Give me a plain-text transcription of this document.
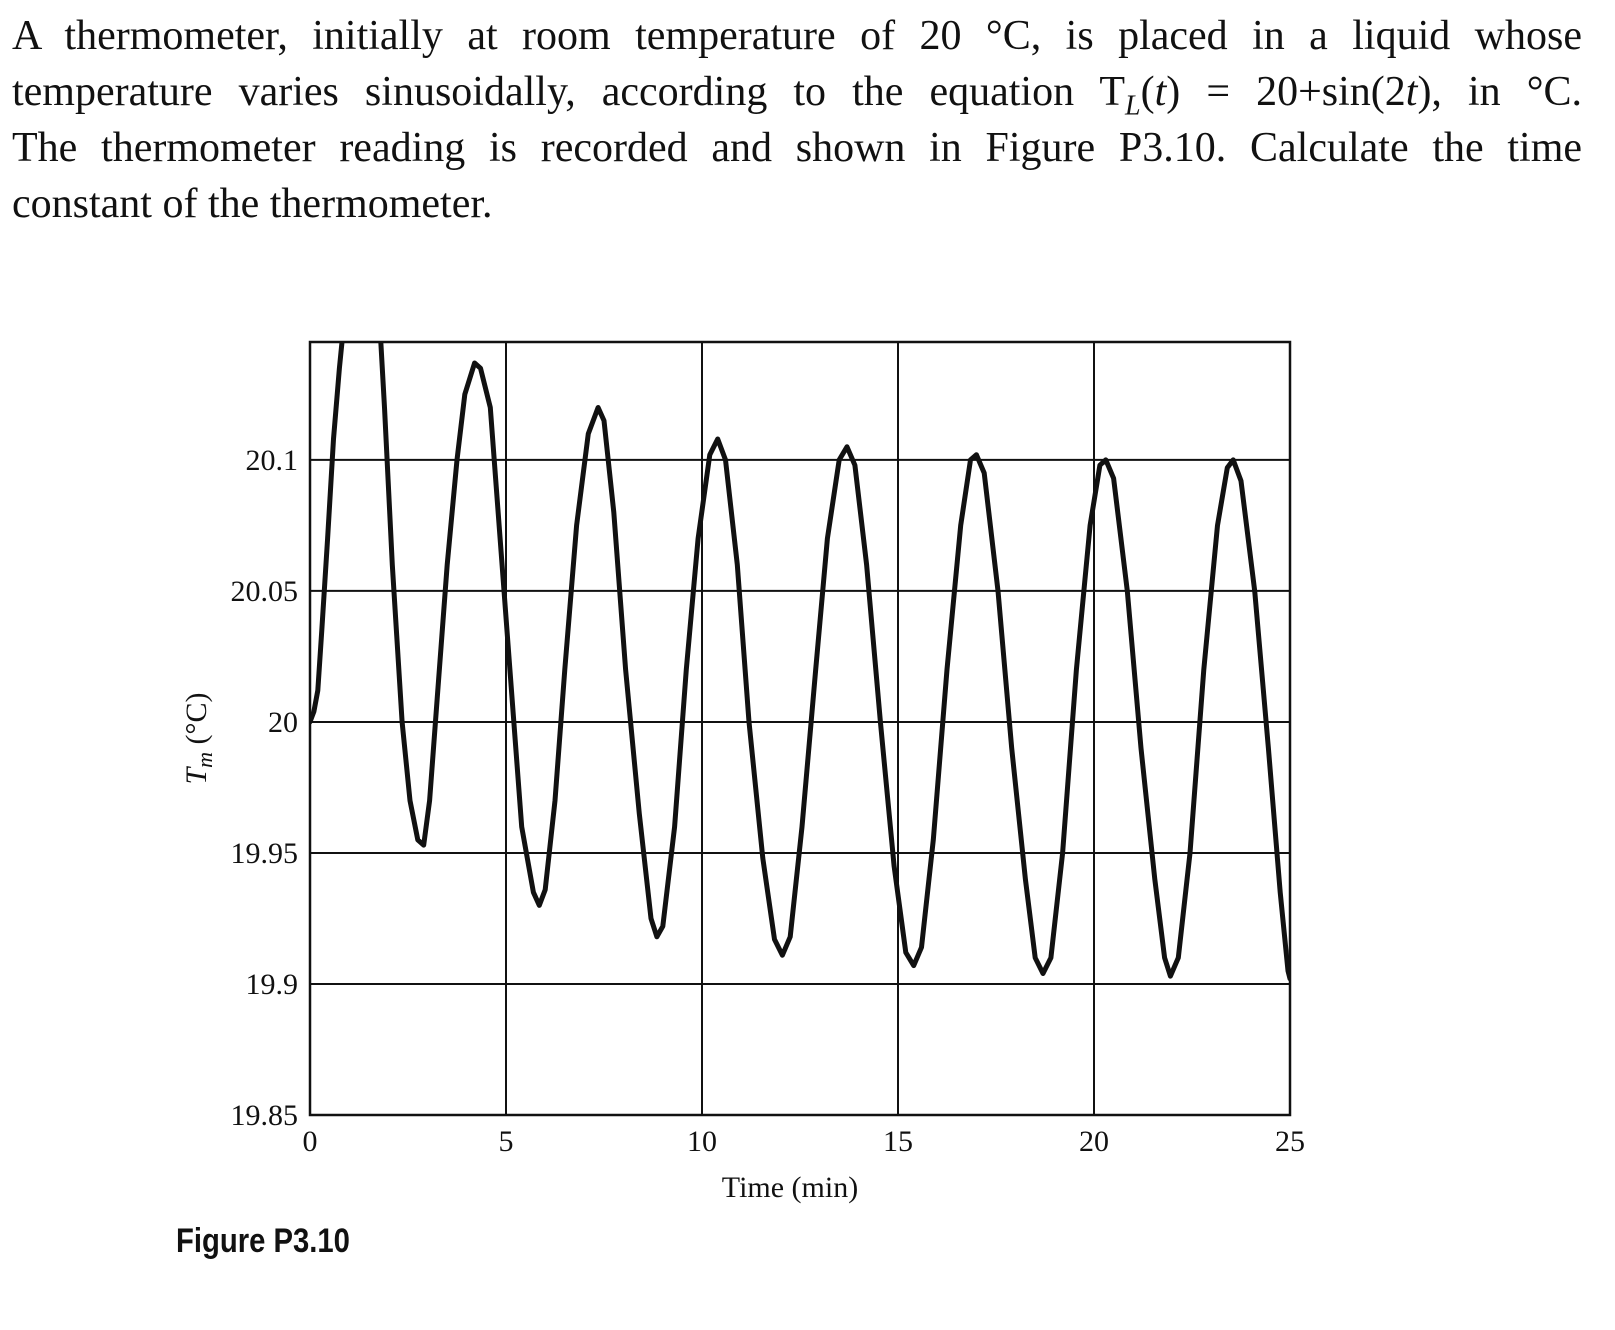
A thermometer, initially at room temperature of 20 °C, is placed in a liquid whose
temperature varies sinusoidally, according to the equation $T_L(t) = 20+\sin(2t)$, in °C.
The thermometer reading is recorded and shown in Figure P3.10. Calculate the time
constant of the thermometer.
0	5	10	15	20	25
19.85
19.9
19.95
20
20.05
20.1
Time (min)
$T_m$ (°C)
Figure P3.10
